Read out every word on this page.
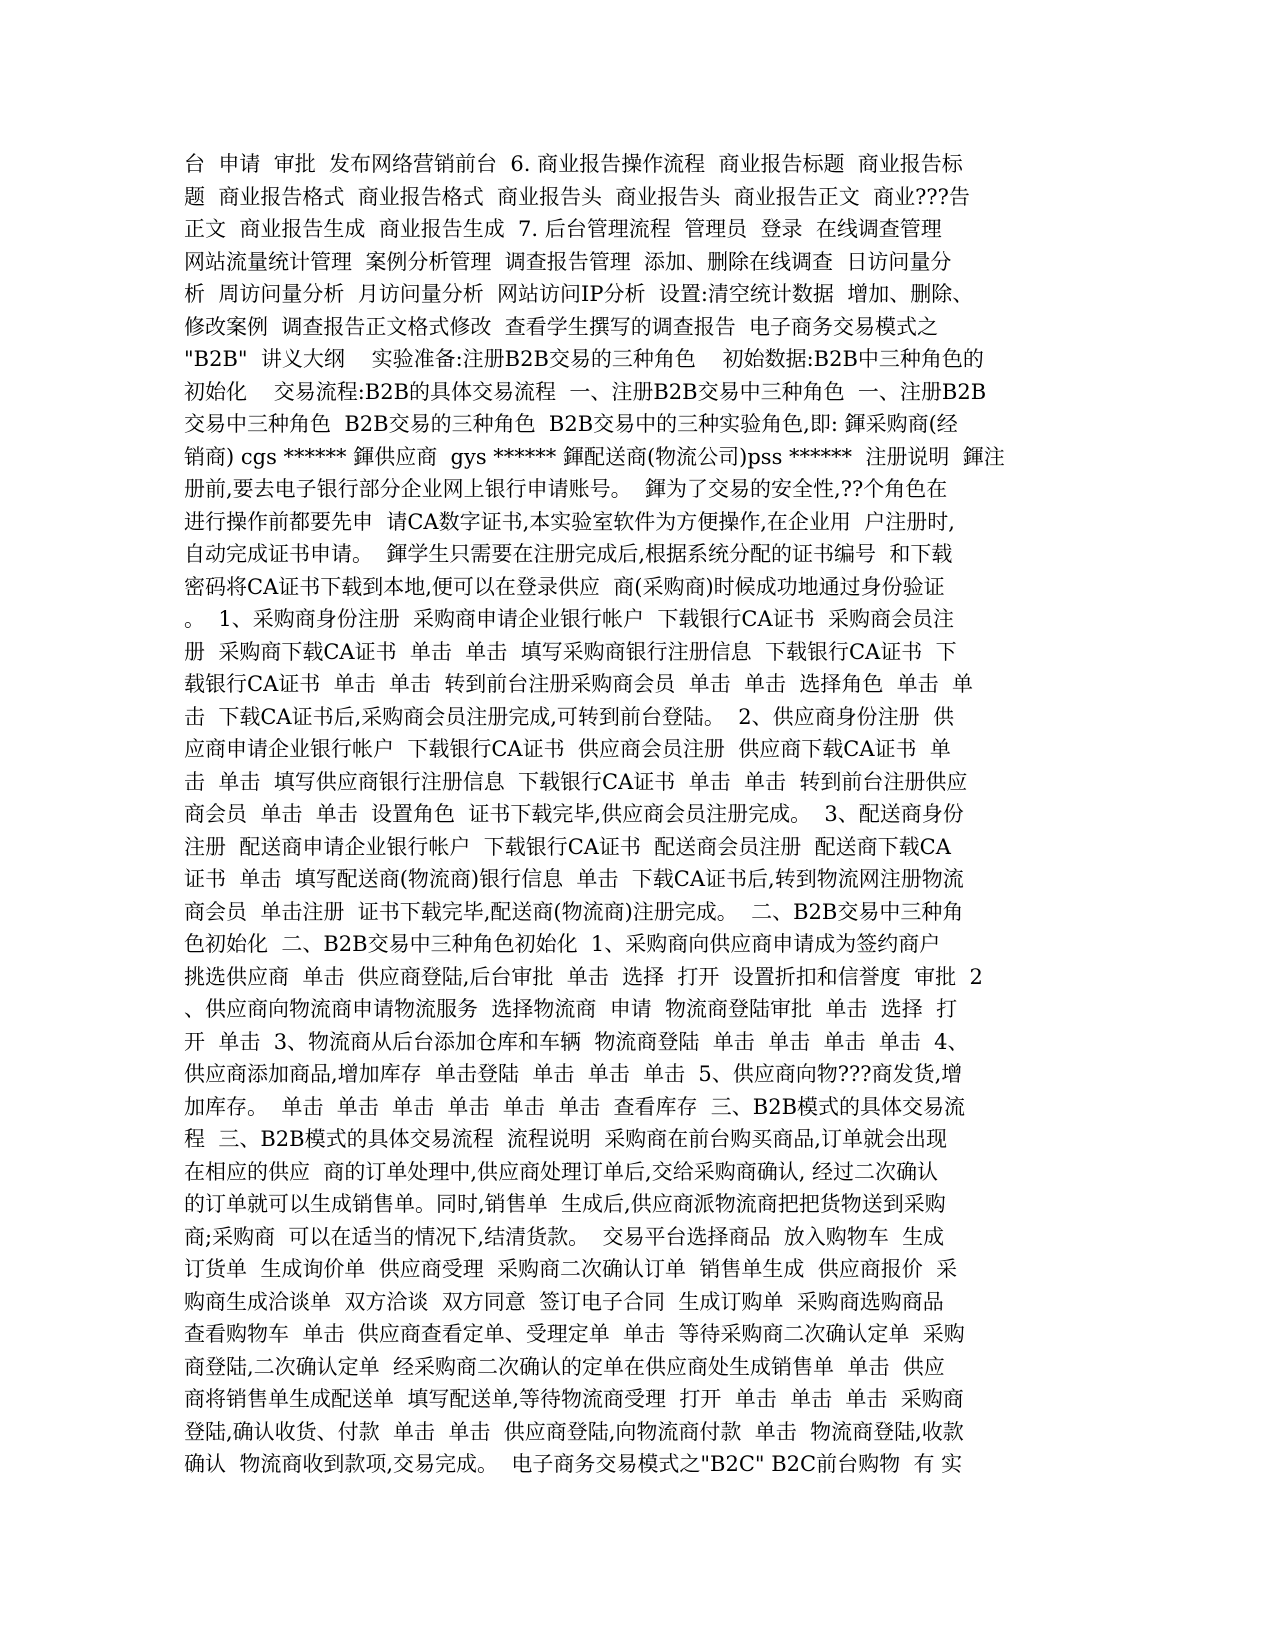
台  申请  审批  发布网络营销前台  6. 商业报告操作流程  商业报告标题  商业报告标
题  商业报告格式  商业报告格式  商业报告头  商业报告头  商业报告正文  商业???告
正文  商业报告生成  商业报告生成  7. 后台管理流程  管理员  登录  在线调查管理
网站流量统计管理  案例分析管理  调查报告管理  添加、删除在线调查  日访问量分
析  周访问量分析  月访问量分析  网站访问IP分析  设置:清空统计数据  增加、删除、
修改案例  调查报告正文格式修改  查看学生撰写的调查报告  电子商务交易模式之
"B2B"  讲义大纲    实验准备:注册B2B交易的三种角色    初始数据:B2B中三种角色的
初始化    交易流程:B2B的具体交易流程  一、注册B2B交易中三种角色  一、注册B2B
交易中三种角色  B2B交易的三种角色  B2B交易中的三种实验角色,即: 鍕采购商(经
销商) cgs ****** 鍕供应商  gys ****** 鍕配送商(物流公司)pss ******  注册说明  鍕注
册前,要去电子银行部分企业网上银行申请账号。  鍕为了交易的安全性,??个角色在
进行操作前都要先申  请CA数字证书,本实验室软件为方便操作,在企业用  户注册时,
自动完成证书申请。  鍕学生只需要在注册完成后,根据系统分配的证书编号  和下载
密码将CA证书下载到本地,便可以在登录供应  商(采购商)时候成功地通过身份验证
。  1、采购商身份注册  采购商申请企业银行帐户  下载银行CA证书  采购商会员注
册  采购商下载CA证书  单击  单击  填写采购商银行注册信息  下载银行CA证书  下
载银行CA证书  单击  单击  转到前台注册采购商会员  单击  单击  选择角色  单击  单
击  下载CA证书后,采购商会员注册完成,可转到前台登陆。  2、供应商身份注册  供
应商申请企业银行帐户  下载银行CA证书  供应商会员注册  供应商下载CA证书  单
击  单击  填写供应商银行注册信息  下载银行CA证书  单击  单击  转到前台注册供应
商会员  单击  单击  设置角色  证书下载完毕,供应商会员注册完成。  3、配送商身份
注册  配送商申请企业银行帐户  下载银行CA证书  配送商会员注册  配送商下载CA
证书  单击  填写配送商(物流商)银行信息  单击  下载CA证书后,转到物流网注册物流
商会员  单击注册  证书下载完毕,配送商(物流商)注册完成。  二、B2B交易中三种角
色初始化  二、B2B交易中三种角色初始化  1、采购商向供应商申请成为签约商户
挑选供应商  单击  供应商登陆,后台审批  单击  选择  打开  设置折扣和信誉度  审批  2
、供应商向物流商申请物流服务  选择物流商  申请  物流商登陆审批  单击  选择  打
开  单击  3、物流商从后台添加仓库和车辆  物流商登陆  单击  单击  单击  单击  4、
供应商添加商品,增加库存  单击登陆  单击  单击  单击  5、供应商向物???商发货,增
加库存。  单击  单击  单击  单击  单击  单击  查看库存  三、B2B模式的具体交易流
程  三、B2B模式的具体交易流程  流程说明  采购商在前台购买商品,订单就会出现
在相应的供应  商的订单处理中,供应商处理订单后,交给采购商确认, 经过二次确认
的订单就可以生成销售单。同时,销售单  生成后,供应商派物流商把把货物送到采购
商;采购商  可以在适当的情况下,结清货款。  交易平台选择商品  放入购物车  生成
订货单  生成询价单  供应商受理  采购商二次确认订单  销售单生成  供应商报价  采
购商生成洽谈单  双方洽谈  双方同意  签订电子合同  生成订购单  采购商选购商品
查看购物车  单击  供应商查看定单、受理定单  单击  等待采购商二次确认定单  采购
商登陆,二次确认定单  经采购商二次确认的定单在供应商处生成销售单  单击  供应
商将销售单生成配送单  填写配送单,等待物流商受理  打开  单击  单击  单击  采购商
登陆,确认收货、付款  单击  单击  供应商登陆,向物流商付款  单击  物流商登陆,收款
确认  物流商收到款项,交易完成。  电子商务交易模式之"B2C" B2C前台购物  有 实
